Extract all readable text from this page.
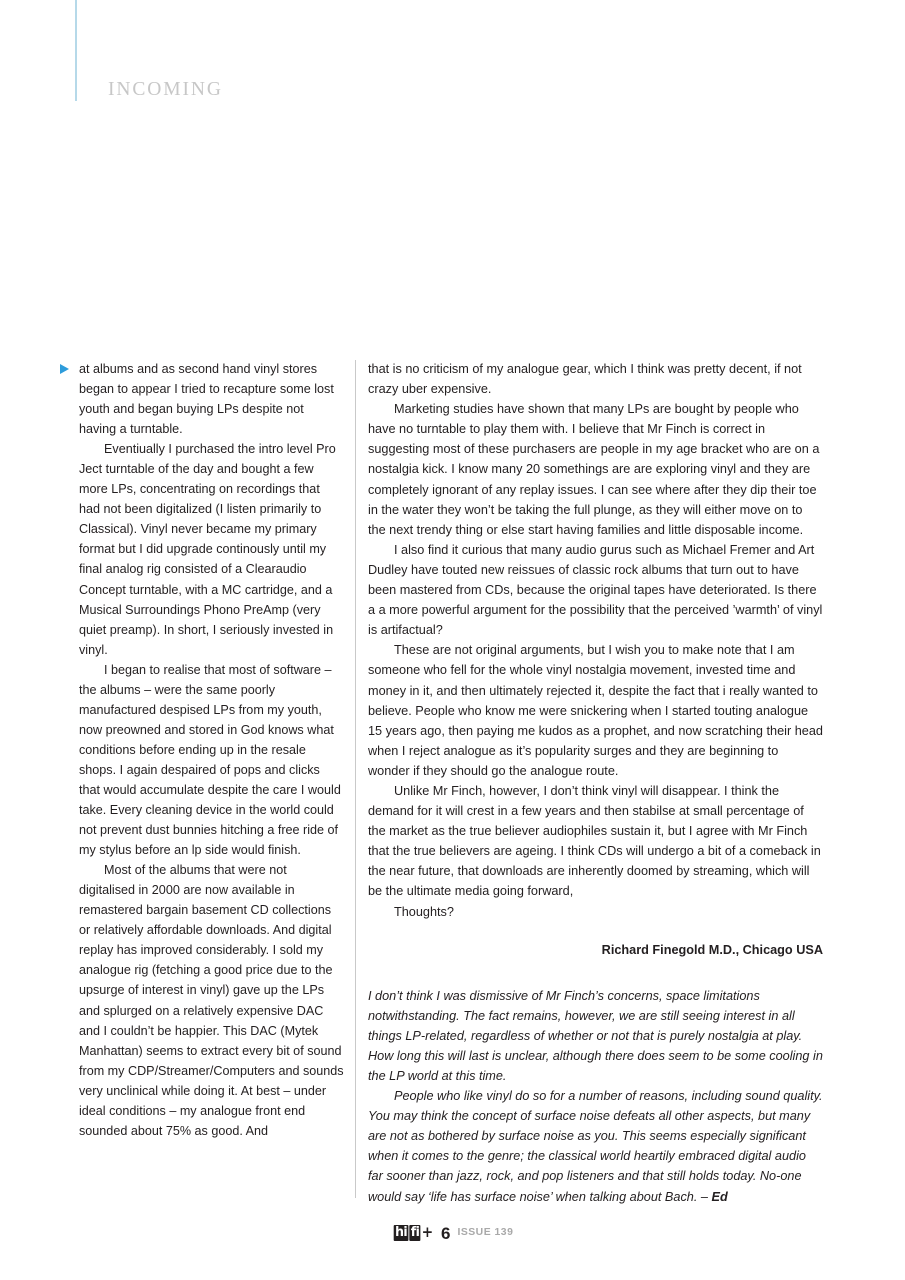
INCOMING

at albums and as second hand vinyl stores began to appear I tried to recapture some lost youth and began buying LPs despite not having a turntable.

Eventiually I purchased the intro level Pro Ject turntable of the day and bought a few more LPs, concentrating on recordings that had not been digitalized (I listen primarily to Classical). Vinyl never became my primary format but I did upgrade continously until my final analog rig consisted of a Clearaudio Concept turntable, with a MC cartridge, and a Musical Surroundings Phono PreAmp (very quiet preamp). In short, I seriously invested in vinyl.

I began to realise that most of software – the albums – were the same poorly manufactured despised LPs from my youth, now preowned and stored in God knows what conditions before ending up in the resale shops. I again despaired of pops and clicks that would accumulate despite the care I would take. Every cleaning device in the world could not prevent dust bunnies hitching a free ride of my stylus before an lp side would finish.

Most of the albums that were not digitalised in 2000 are now available in remastered bargain basement CD collections or relatively affordable downloads. And digital replay has improved considerably. I sold my analogue rig (fetching a good price due to the upsurge of interest in vinyl) gave up the LPs and splurged on a relatively expensive DAC and I couldn’t be happier. This DAC (Mytek Manhattan) seems to extract every bit of sound from my CDP/Streamer/Computers and sounds very unclinical while doing it. At best – under ideal conditions – my analogue front end sounded about 75% as good. And

that is no criticism of my analogue gear, which I think was pretty decent, if not crazy uber expensive.

Marketing studies have shown that many LPs are bought by people who have no turntable to play them with. I believe that Mr Finch is correct in suggesting most of these purchasers are people in my age bracket who are on a nostalgia kick. I know many 20 somethings are are exploring vinyl and they are completely ignorant of any replay issues. I can see where after they dip their toe in the water they won’t be taking the full plunge, as they will either move on to the next trendy thing or else start having families and little disposable income.

I also find it curious that many audio gurus such as Michael Fremer and Art Dudley have touted new reissues of classic rock albums that turn out to have been mastered from CDs, because the original tapes have deteriorated. Is there a a more powerful argument for the possibility that the perceived ’warmth’ of vinyl is artifactual?

These are not original arguments, but I wish you to make note that I am someone who fell for the whole vinyl nostalgia movement, invested time and money in it, and then ultimately rejected it, despite the fact that i really wanted to believe. People who know me were snickering when I started touting analogue 15 years ago, then paying me kudos as a prophet, and now scratching their head when I reject analogue as it’s popularity surges and they are beginning to wonder if they should go the analogue route.

Unlike Mr Finch, however, I don’t think vinyl will disappear. I think the demand for it will crest in a few years and then stabilse at small percentage of the market as the true believer audiophiles sustain it, but I agree with Mr Finch that the true believers are ageing. I think CDs will undergo a bit of a comeback in the near future, that downloads are inherently doomed by streaming, which will be the ultimate media going forward,

Thoughts?

Richard Finegold M.D., Chicago USA

I don’t think I was dismissive of Mr Finch’s concerns, space limitations notwithstanding. The fact remains, however, we are still seeing interest in all things LP-related, regardless of whether or not that is purely nostalgia at play. How long this will last is unclear, although there does seem to be some cooling in the LP world at this time.

People who like vinyl do so for a number of reasons, including sound quality. You may think the concept of surface noise defeats all other aspects, but many are not as bothered by surface noise as you. This seems especially significant when it comes to the genre; the classical world heartily embraced digital audio far sooner than jazz, rock, and pop listeners and that still holds today. No-one would say ‘life has surface noise’ when talking about Bach. – Ed

hi fi + 6 ISSUE 139
